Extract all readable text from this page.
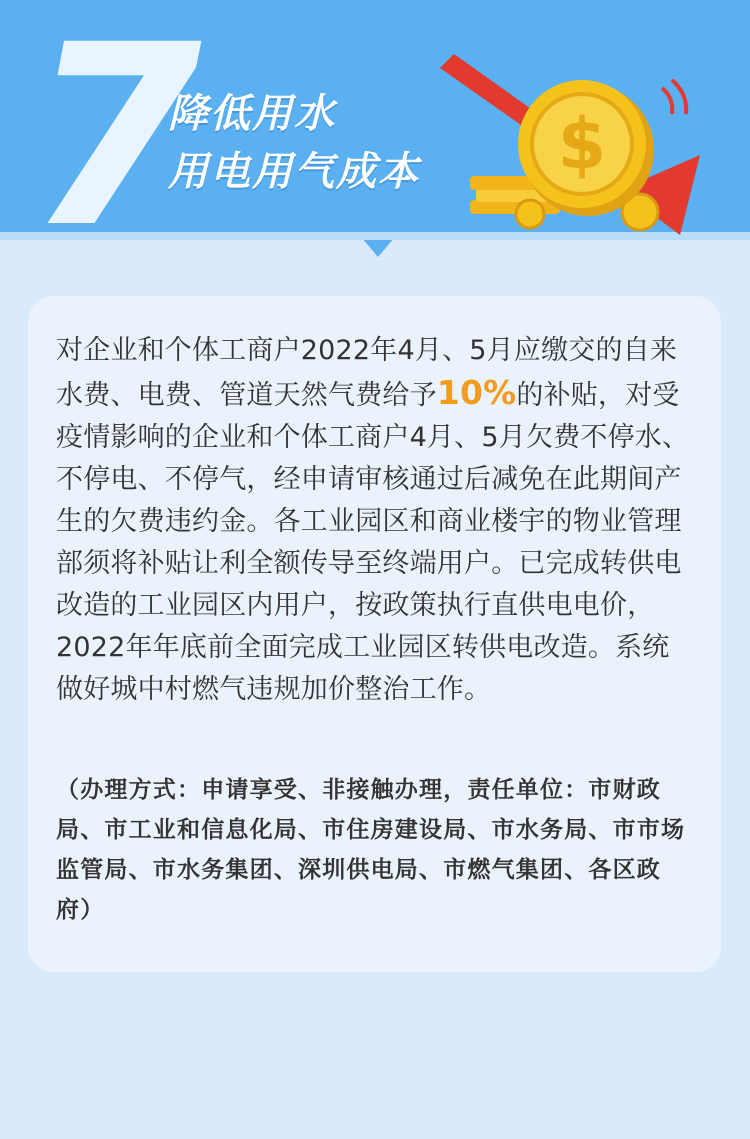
7
降低用水
用电用气成本 $
对企业和个体工商户2022年4月、5月应缴交的自来水费、电费、管道天然气费给予10%的补贴，对受疫情影响的企业和个体工商户4月、5月欠费不停水、不停电、不停气，经申请审核通过后减免在此期间产生的欠费违约金。各工业园区和商业楼宇的物业管理部须将补贴让利全额传导至终端用户。已完成转供电改造的工业园区内用户，按政策执行直供电电价，2022年年底前全面完成工业园区转供电改造。系统做好城中村燃气违规加价整治工作。
（办理方式：申请享受、非接触办理，责任单位：市财政局、市工业和信息化局、市住房建设局、市水务局、市市场监管局、市水务集团、深圳供电局、市燃气集团、各区政府）
